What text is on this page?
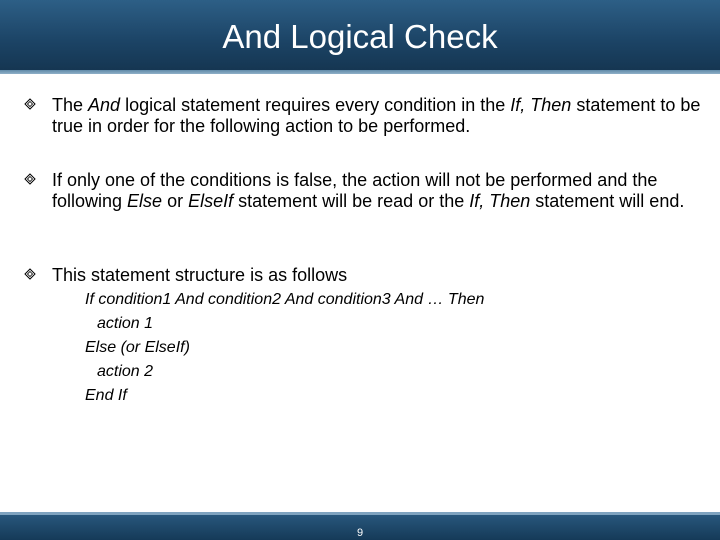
And Logical Check
The And logical statement requires every condition in the If, Then statement to be true in order for the following action to be performed.
If only one of the conditions is false, the action will not be performed and the following Else or ElseIf statement will be read or the If, Then statement will end.
This statement structure is as follows
If condition1 And condition2 And condition3 And … Then
action 1
Else (or ElseIf)
action 2
End If
9
